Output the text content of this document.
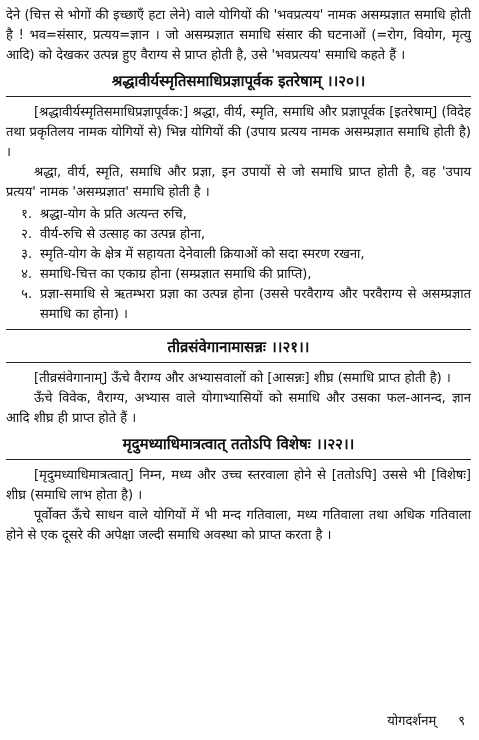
देने (चित्त से भोगों की इच्छाएँ हटा लेने) वाले योगियों की 'भवप्रत्यय' नामक असम्प्रज्ञात समाधि होती है ! भव=संसार, प्रत्यय=ज्ञान । जो असम्प्रज्ञात समाधि संसार की घटनाओं (=रोग, वियोग, मृत्यु आदि) को देखकर उत्पन्न हुए वैराग्य से प्राप्त होती है, उसे 'भवप्रत्यय' समाधि कहते हैं ।

श्रद्धावीर्यस्मृतिसमाधिप्रज्ञापूर्वक इतरेषाम् ।।२०।।

[श्रद्धावीर्यस्मृतिसमाधिप्रज्ञापूर्वक:] श्रद्धा, वीर्य, स्मृति, समाधि और प्रज्ञापूर्वक [इतरेषाम्] (विदेह तथा प्रकृतिलय नामक योगियों से) भिन्न योगियों की (उपाय प्रत्यय नामक असम्प्रज्ञात समाधि होती है) ।

श्रद्धा, वीर्य, स्मृति, समाधि और प्रज्ञा, इन उपायों से जो समाधि प्राप्त होती है, वह 'उपाय प्रत्यय' नामक 'असम्प्रज्ञात' समाधि होती है ।

१. श्रद्धा-योग के प्रति अत्यन्त रुचि,
२. वीर्य-रुचि से उत्साह का उत्पन्न होना,
३. स्मृति-योग के क्षेत्र में सहायता देनेवाली क्रियाओं को सदा स्मरण रखना,
४. समाधि-चित्त का एकाग्र होना (सम्प्रज्ञात समाधि की प्राप्ति),
५. प्रज्ञा-समाधि से ऋतम्भरा प्रज्ञा का उत्पन्न होना (उससे परवैराग्य और परवैराग्य से असम्प्रज्ञात समाधि का होना) ।
तीव्रसंवेगानामासन्नः ।।२१।।

[तीव्रसंवेगानाम्] ऊँचे वैराग्य और अभ्यासवालों को [आसन्नः] शीघ्र (समाधि प्राप्त होती है) ।

ऊँचे विवेक, वैराग्य, अभ्यास वाले योगाभ्यासियों को समाधि और उसका फल-आनन्द, ज्ञान आदि शीघ्र ही प्राप्त होते हैं ।

मृदुमध्याधिमात्रत्वात् ततोऽपि विशेषः ।।२२।।

[मृदुमध्याधिमात्रत्वात्] निम्न, मध्य और उच्च स्तरवाला होने से [ततोऽपि] उससे भी [विशेषः] शीघ्र (समाधि लाभ होता है) ।

पूर्वोक्त ऊँचे साधन वाले योगियों में भी मन्द गतिवाला, मध्य गतिवाला तथा अधिक गतिवाला होने से एक दूसरे की अपेक्षा जल्दी समाधि अवस्था को प्राप्त करता है ।

योगदर्शनम् ९
